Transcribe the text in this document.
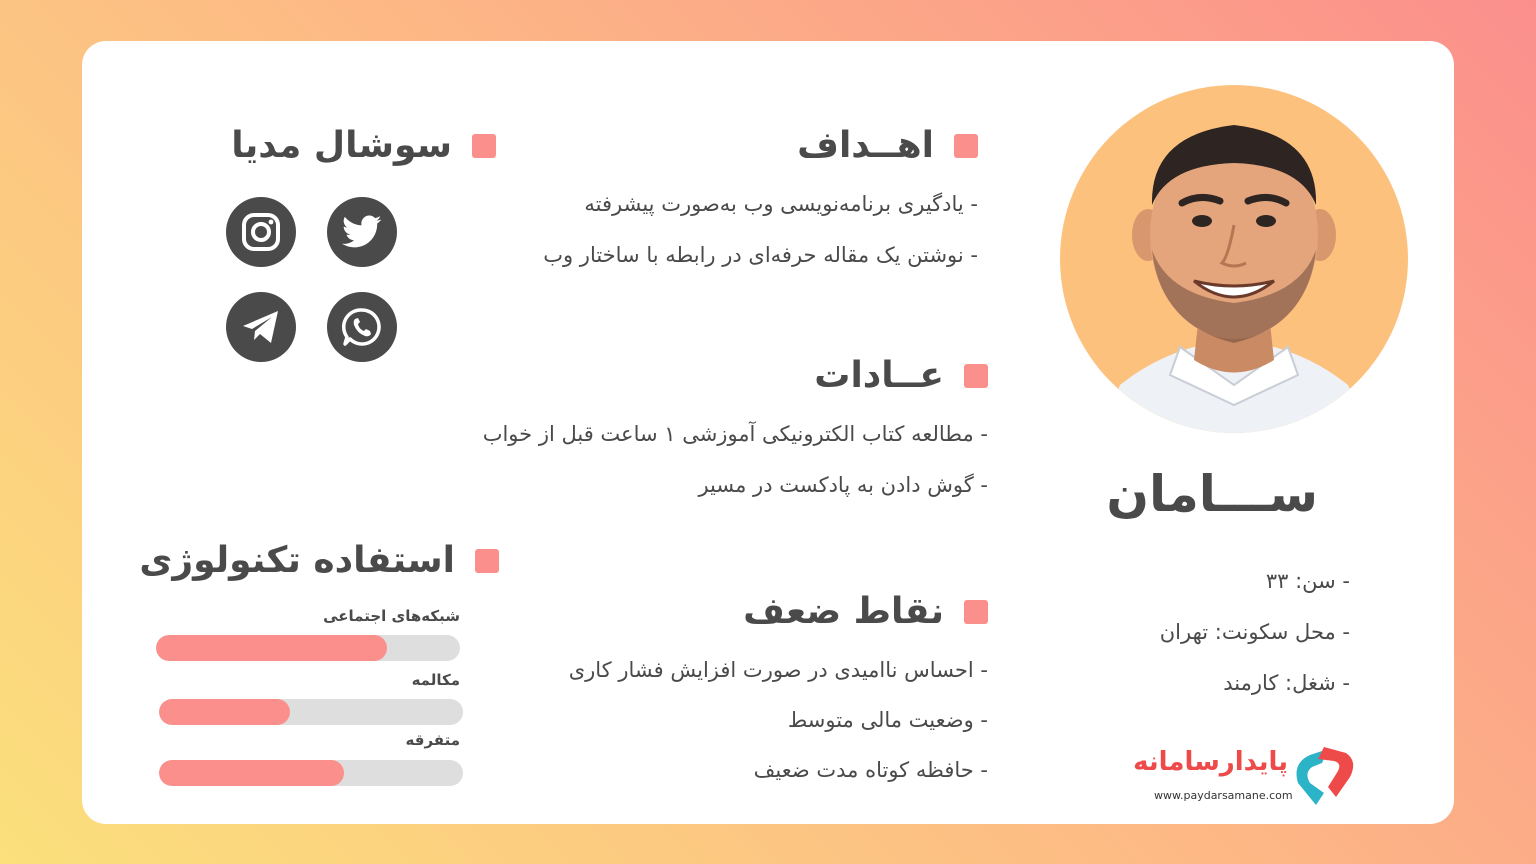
ســـامان
- سن: ۳۳
- محل سکونت: تهران
- شغل: کارمند
پایدارسامانه
www.paydarsamane.com
اهــداف
- یادگیری برنامه‌نویسی وب به‌صورت پیشرفته
- نوشتن یک مقاله حرفه‌ای در رابطه با ساختار وب
عــادات
- مطالعه کتاب الکترونیکی آموزشی ۱ ساعت قبل از خواب
- گوش دادن به پادکست در مسیر
نقاط ضعف
- احساس ناامیدی در صورت افزایش فشار کاری
- وضعیت مالی متوسط
- حافظه کوتاه مدت ضعیف
سوشال مدیا
استفاده تکنولوژی
شبکه‌های اجتماعی
مکالمه
متفرقه
